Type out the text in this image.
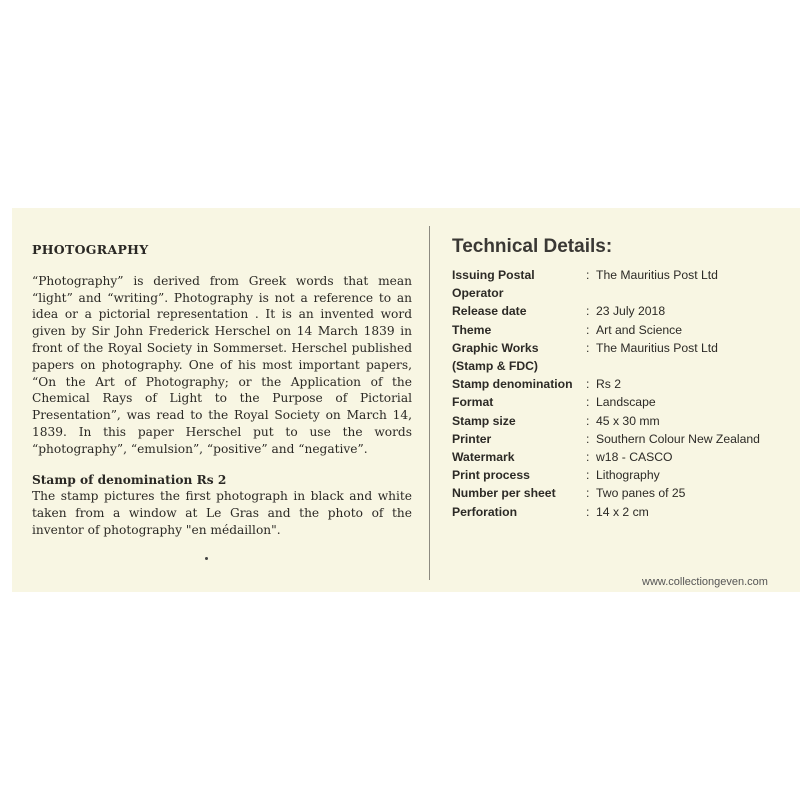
PHOTOGRAPHY

“Photography” is derived from Greek words that mean “light” and “writing”. Photography is not a reference to an idea or a pictorial representation . It is an invented word given by Sir John Frederick Herschel on 14 March 1839 in front of the Royal Society in Sommerset. Herschel published papers on photography. One of his most important papers, “On the Art of Photography; or the Application of the Chemical Rays of Light to the Purpose of Pictorial Presentation”, was read to the Royal Society on March 14, 1839. In this paper Herschel put to use the words “photography”, “emulsion”, “positive” and “negative”.

Stamp of denomination Rs 2

The stamp pictures the first photograph in black and white taken from a window at Le Gras and the photo of the inventor of photography "en médaillon".

Technical Details:
Issuing Postal Operator
: The Mauritius Post Ltd
Release date	: 23 July 2018
Theme	: Art and Science
Graphic Works	: The Mauritius Post Ltd
(Stamp & FDC)
Stamp denomination	: Rs 2
Format	: Landscape
Stamp size	: 45 x 30 mm
Printer	: Southern Colour New Zealand
Watermark	: w18 - CASCO
Print process	: Lithography
Number per sheet	: Two panes of 25
Perforation	: 14 x 2 cm
www.collectiongeven.com
